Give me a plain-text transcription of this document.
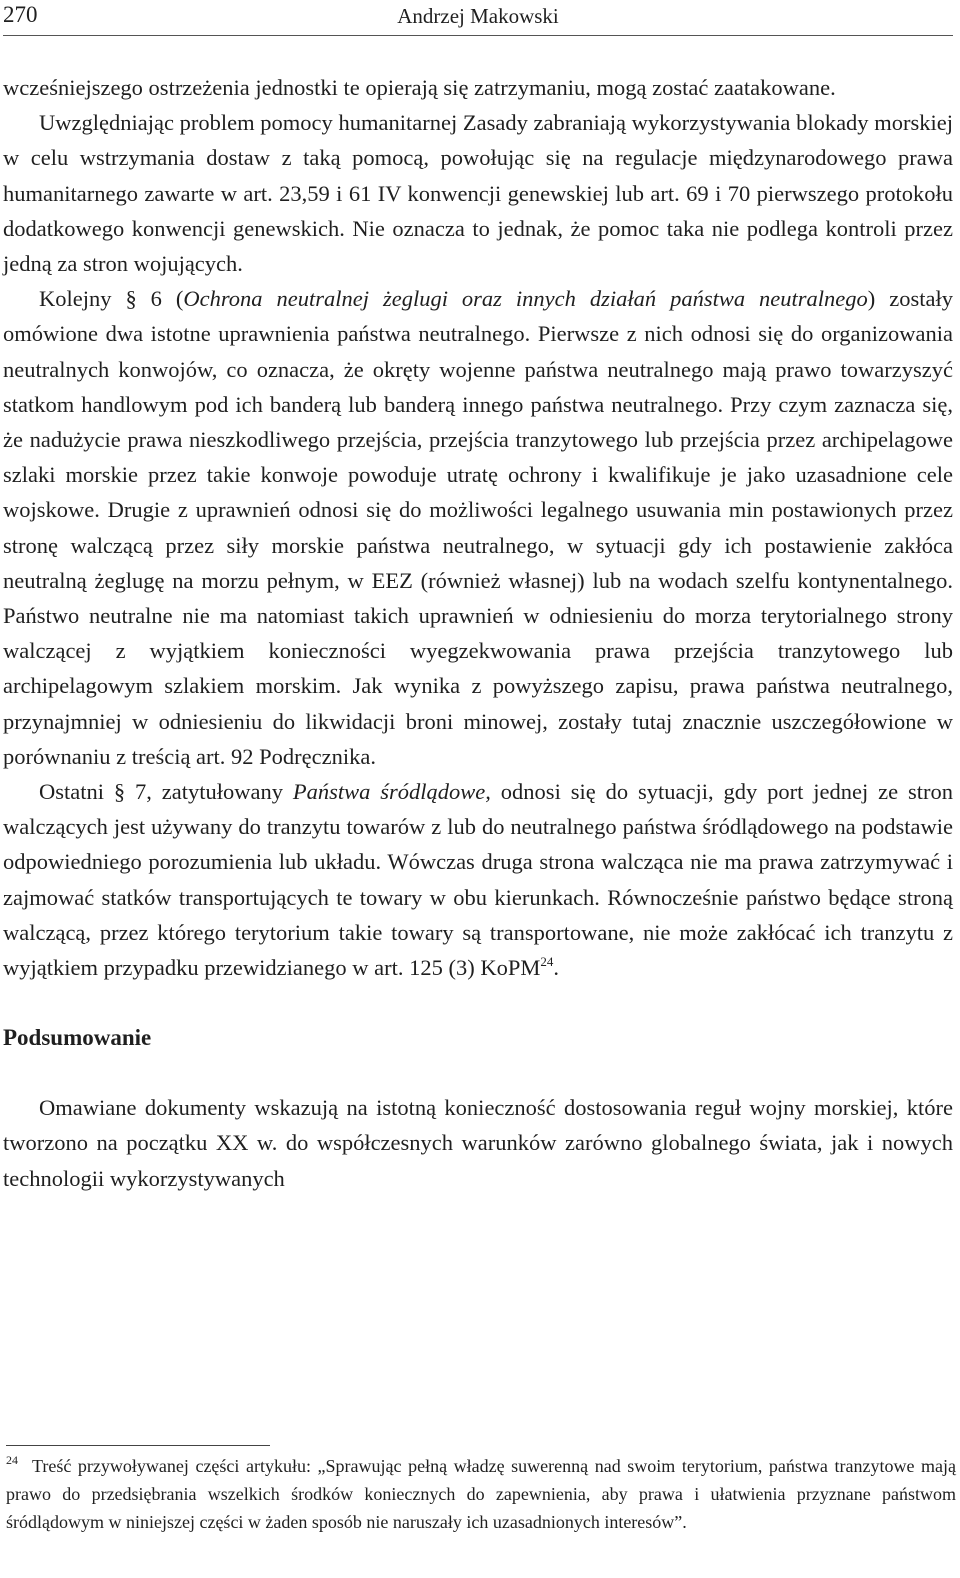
270	Andrzej Makowski

wcześniejszego ostrzeżenia jednostki te opierają się zatrzymaniu, mogą zostać zaatakowane.

Uwzględniając problem pomocy humanitarnej Zasady zabraniają wykorzystywania blokady morskiej w celu wstrzymania dostaw z taką pomocą, powołując się na regulacje międzynarodowego prawa humanitarnego zawarte w art. 23,59 i 61 IV konwencji genewskiej lub art. 69 i 70 pierwszego protokołu dodatkowego konwencji genewskich. Nie oznacza to jednak, że pomoc taka nie podlega kontroli przez jedną za stron wojujących.

Kolejny § 6 (Ochrona neutralnej żeglugi oraz innych działań państwa neutralnego) zostały omówione dwa istotne uprawnienia państwa neutralnego. Pierwsze z nich odnosi się do organizowania neutralnych konwojów, co oznacza, że okręty wojenne państwa neutralnego mają prawo towarzyszyć statkom handlowym pod ich banderą lub banderą innego państwa neutralnego. Przy czym zaznacza się, że nadużycie prawa nieszkodliwego przejścia, przejścia tranzytowego lub przejścia przez archipelagowe szlaki morskie przez takie konwoje powoduje utratę ochrony i kwalifikuje je jako uzasadnione cele wojskowe. Drugie z uprawnień odnosi się do możliwości legalnego usuwania min postawionych przez stronę walczącą przez siły morskie państwa neutralnego, w sytuacji gdy ich postawienie zakłóca neutralną żeglugę na morzu pełnym, w EEZ (również własnej) lub na wodach szelfu kontynentalnego. Państwo neutralne nie ma natomiast takich uprawnień w odniesieniu do morza terytorialnego strony walczącej z wyjątkiem konieczności wyegzekwowania prawa przejścia tranzytowego lub archipelagowym szlakiem morskim. Jak wynika z powyższego zapisu, prawa państwa neutralnego, przynajmniej w odniesieniu do likwidacji broni minowej, zostały tutaj znacznie uszczegółowione w porównaniu z treścią art. 92 Podręcznika.

Ostatni § 7, zatytułowany Państwa śródlądowe, odnosi się do sytuacji, gdy port jednej ze stron walczących jest używany do tranzytu towarów z lub do neutralnego państwa śródlądowego na podstawie odpowiedniego porozumienia lub układu. Wówczas druga strona walcząca nie ma prawa zatrzymywać i zajmować statków transportujących te towary w obu kierunkach. Równocześnie państwo będące stroną walczącą, przez którego terytorium takie towary są transportowane, nie może zakłócać ich tranzytu z wyjątkiem przypadku przewidzianego w art. 125 (3) KoPM$^{24}$.

Podsumowanie

Omawiane dokumenty wskazują na istotną konieczność dostosowania reguł wojny morskiej, które tworzono na początku XX w. do współczesnych warunków zarówno globalnego świata, jak i nowych technologii wykorzystywanych

$^{24}$ Treść przywoływanej części artykułu: „Sprawując pełną władzę suwerenną nad swoim terytorium, państwa tranzytowe mają prawo do przedsiębrania wszelkich środków koniecznych do zapewnienia, aby prawa i ułatwienia przyznane państwom śródlądowym w niniejszej części w żaden sposób nie naruszały ich uzasadnionych interesów”.
